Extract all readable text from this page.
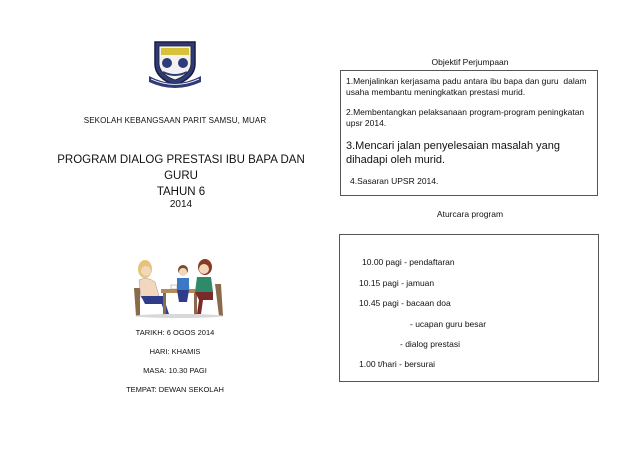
SEKOLAH KEBANGSAAN PARIT SAMSU, MUAR
PROGRAM DIALOG PRESTASI IBU BAPA DAN GURU
TAHUN 6
2014
TARIKH: 6 OGOS 2014
HARI: KHAMIS
MASA: 10.30 PAGI
TEMPAT: DEWAN SEKOLAH
Objektif Perjumpaan
1.Menjalinkan kerjasama padu antara ibu bapa dan guru  dalam usaha membantu meningkatkan prestasi murid.
2.Membentangkan pelaksanaan program-program peningkatan upsr 2014.
3.Mencari jalan penyelesaian masalah yang dihadapi oleh murid.
4.Sasaran UPSR 2014.
Aturcara program
10.00 pagi - pendaftaran
10.15 pagi - jamuan
10.45 pagi - bacaan doa
- ucapan guru besar
- dialog prestasi
1.00 t/hari - bersurai
